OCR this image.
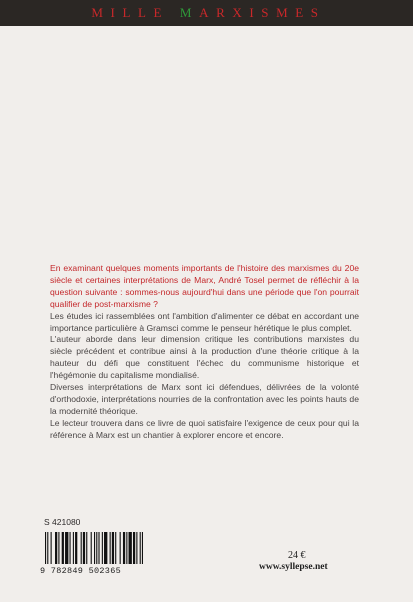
MILLE MARXISMES

En examinant quelques moments importants de l'histoire des marxismes du 20e siècle et certaines interprétations de Marx, André Tosel permet de réfléchir à la question suivante : sommes-nous aujourd'hui dans une période que l'on pourrait qualifier de post-marxisme ?

Les études ici rassemblées ont l'ambition d'alimenter ce débat en accordant une importance particulière à Gramsci comme le penseur hérétique le plus complet.

L'auteur aborde dans leur dimension critique les contributions marxistes du siècle précédent et contribue ainsi à la production d'une théorie critique à la hauteur du défi que constituent l'échec du communisme historique et l'hégémonie du capitalisme mondialisé.

Diverses interprétations de Marx sont ici défendues, délivrées de la volonté d'orthodoxie, interprétations nourries de la confrontation avec les points hauts de la modernité théorique.

Le lecteur trouvera dans ce livre de quoi satisfaire l'exigence de ceux pour qui la référence à Marx est un chantier à explorer encore et encore.

S 421080
9 782849 502365
24 €
www.syllepse.net
